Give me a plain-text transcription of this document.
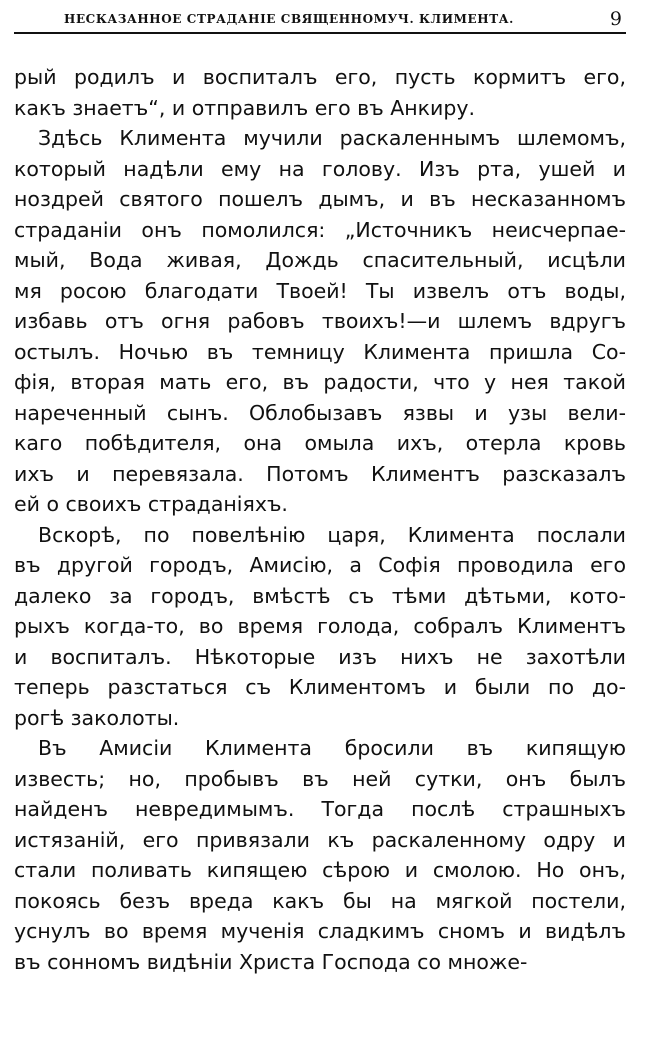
НЕСКАЗАННОЕ СТРАДАНІЕ СВЯЩЕННОМУЧ. КЛИМЕНТА.	9
рый родилъ и воспиталъ его, пусть кормитъ его,
какъ знаетъ“, и отправилъ его въ Анкиру.
Здѣсь Климента мучили раскаленнымъ шлемомъ,
который надѣли ему на голову. Изъ рта, ушей и
ноздрей святого пошелъ дымъ, и въ несказанномъ
страданіи онъ помолился: „Источникъ неисчерпае-
мый, Вода живая, Дождь спасительный, исцѣли
мя росою благодати Твоей! Ты извелъ отъ воды,
избавь отъ огня рабовъ твоихъ!—и шлемъ вдругъ
остылъ. Ночью въ темницу Климента пришла Со-
фія, вторая мать его, въ радости, что у нея такой
нареченный сынъ. Облобызавъ язвы и узы вели-
каго побѣдителя, она омыла ихъ, отерла кровь
ихъ и перевязала. Потомъ Климентъ разсказалъ
ей о своихъ страданіяхъ.
Вскорѣ, по повелѣнію царя, Климента послали
въ другой городъ, Амисію, а Софія проводила его
далеко за городъ, вмѣстѣ съ тѣми дѣтьми, кото-
рыхъ когда-то, во время голода, собралъ Климентъ
и воспиталъ. Нѣкоторые изъ нихъ не захотѣли
теперь разстаться съ Климентомъ и были по до-
рогѣ заколоты.
Въ Амисіи Климента бросили въ кипящую
известь; но, пробывъ въ ней сутки, онъ былъ
найденъ невредимымъ. Тогда послѣ страшныхъ
истязаній, его привязали къ раскаленному одру и
стали поливать кипящею сѣрою и смолою. Но онъ,
покоясь безъ вреда какъ бы на мягкой постели,
уснулъ во время мученія сладкимъ сномъ и видѣлъ
въ сонномъ видѣніи Христа Господа со множе-
